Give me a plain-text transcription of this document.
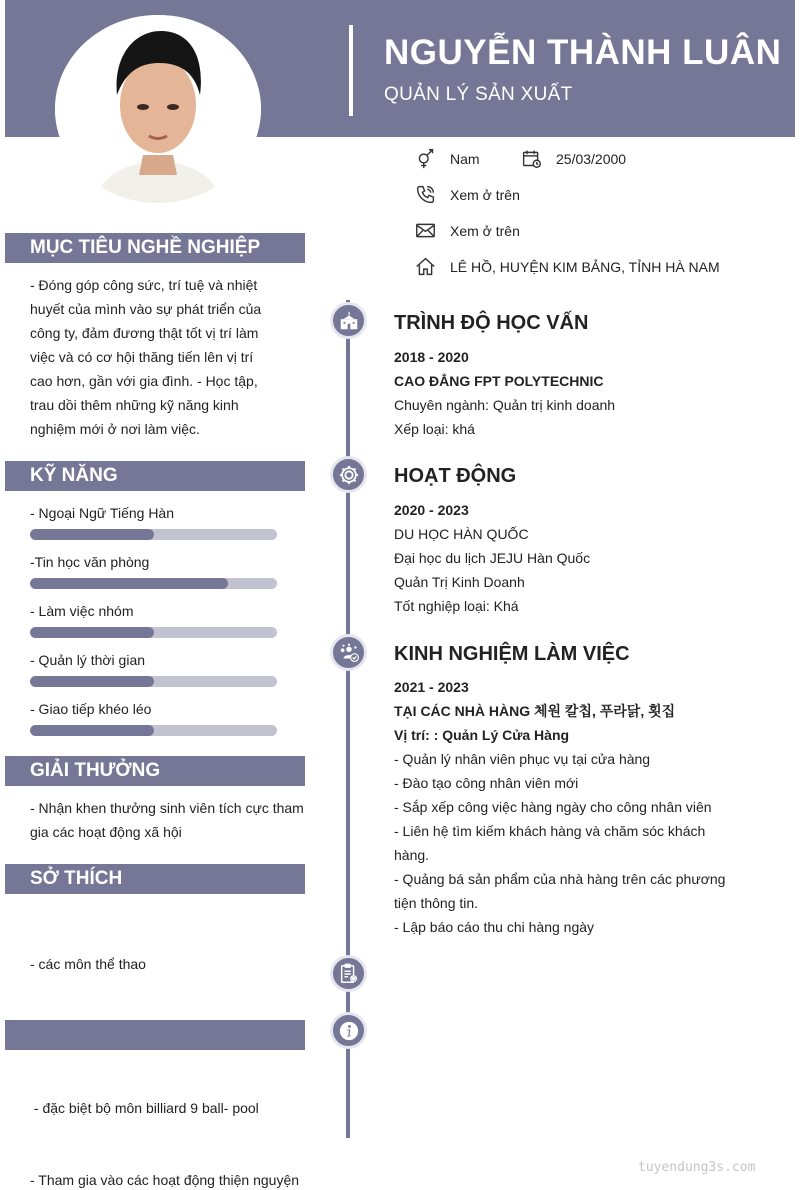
NGUYỄN THÀNH LUÂN
QUẢN LÝ SẢN XUẤT
Nam	25/03/2000
Xem ở trên
Xem ở trên
LÊ HỒ, HUYỆN KIM BẢNG, TỈNH HÀ NAM
MỤC TIÊU NGHỀ NGHIỆP
- Đóng góp công sức, trí tuệ và nhiệt
huyết của mình vào sự phát triển của
công ty, đảm đương thật tốt vị trí làm
việc và có cơ hội thăng tiến lên vị trí
cao hơn, gần với gia đình. - Học tập,
trau dồi thêm những kỹ năng kinh
nghiệm mới ở nơi làm việc.
KỸ NĂNG
- Ngoại Ngữ Tiếng Hàn
-Tin học văn phòng
- Làm việc nhóm
- Quản lý thời gian
- Giao tiếp khéo léo
GIẢI THƯỞNG
- Nhận khen thưởng sinh viên tích cực tham
gia các hoạt động xã hội
SỞ THÍCH

- các môn thể thao

- đặc biệt bộ môn billiard 9 ball- pool

- Tham gia vào các hoạt động thiện nguyện

TRÌNH ĐỘ HỌC VẤN
2018 - 2020
CAO ĐẲNG FPT POLYTECHNIC
Chuyên ngành: Quản trị kinh doanh
Xếp loại: khá
HOẠT ĐỘNG
2020 - 2023
DU HỌC HÀN QUỐC
Đại học du lịch JEJU Hàn Quốc
Quản Trị Kinh Doanh
Tốt nghiệp loại: Khá
KINH NGHIỆM LÀM VIỆC
2021 - 2023
TẠI CÁC NHÀ HÀNG 체원 칼칩, 푸라닭, 횟집
Vị trí: : Quản Lý Cửa Hàng
- Quản lý nhân viên phục vụ tại cửa hàng
- Đào tạo công nhân viên mới
- Sắp xếp công việc hàng ngày cho công nhân viên
- Liên hệ tìm kiếm khách hàng và chăm sóc khách
hàng.
- Quảng bá sản phẩm của nhà hàng trên các phương
tiện thông tin.
- Lập báo cáo thu chi hàng ngày
tuyendung3s.com
